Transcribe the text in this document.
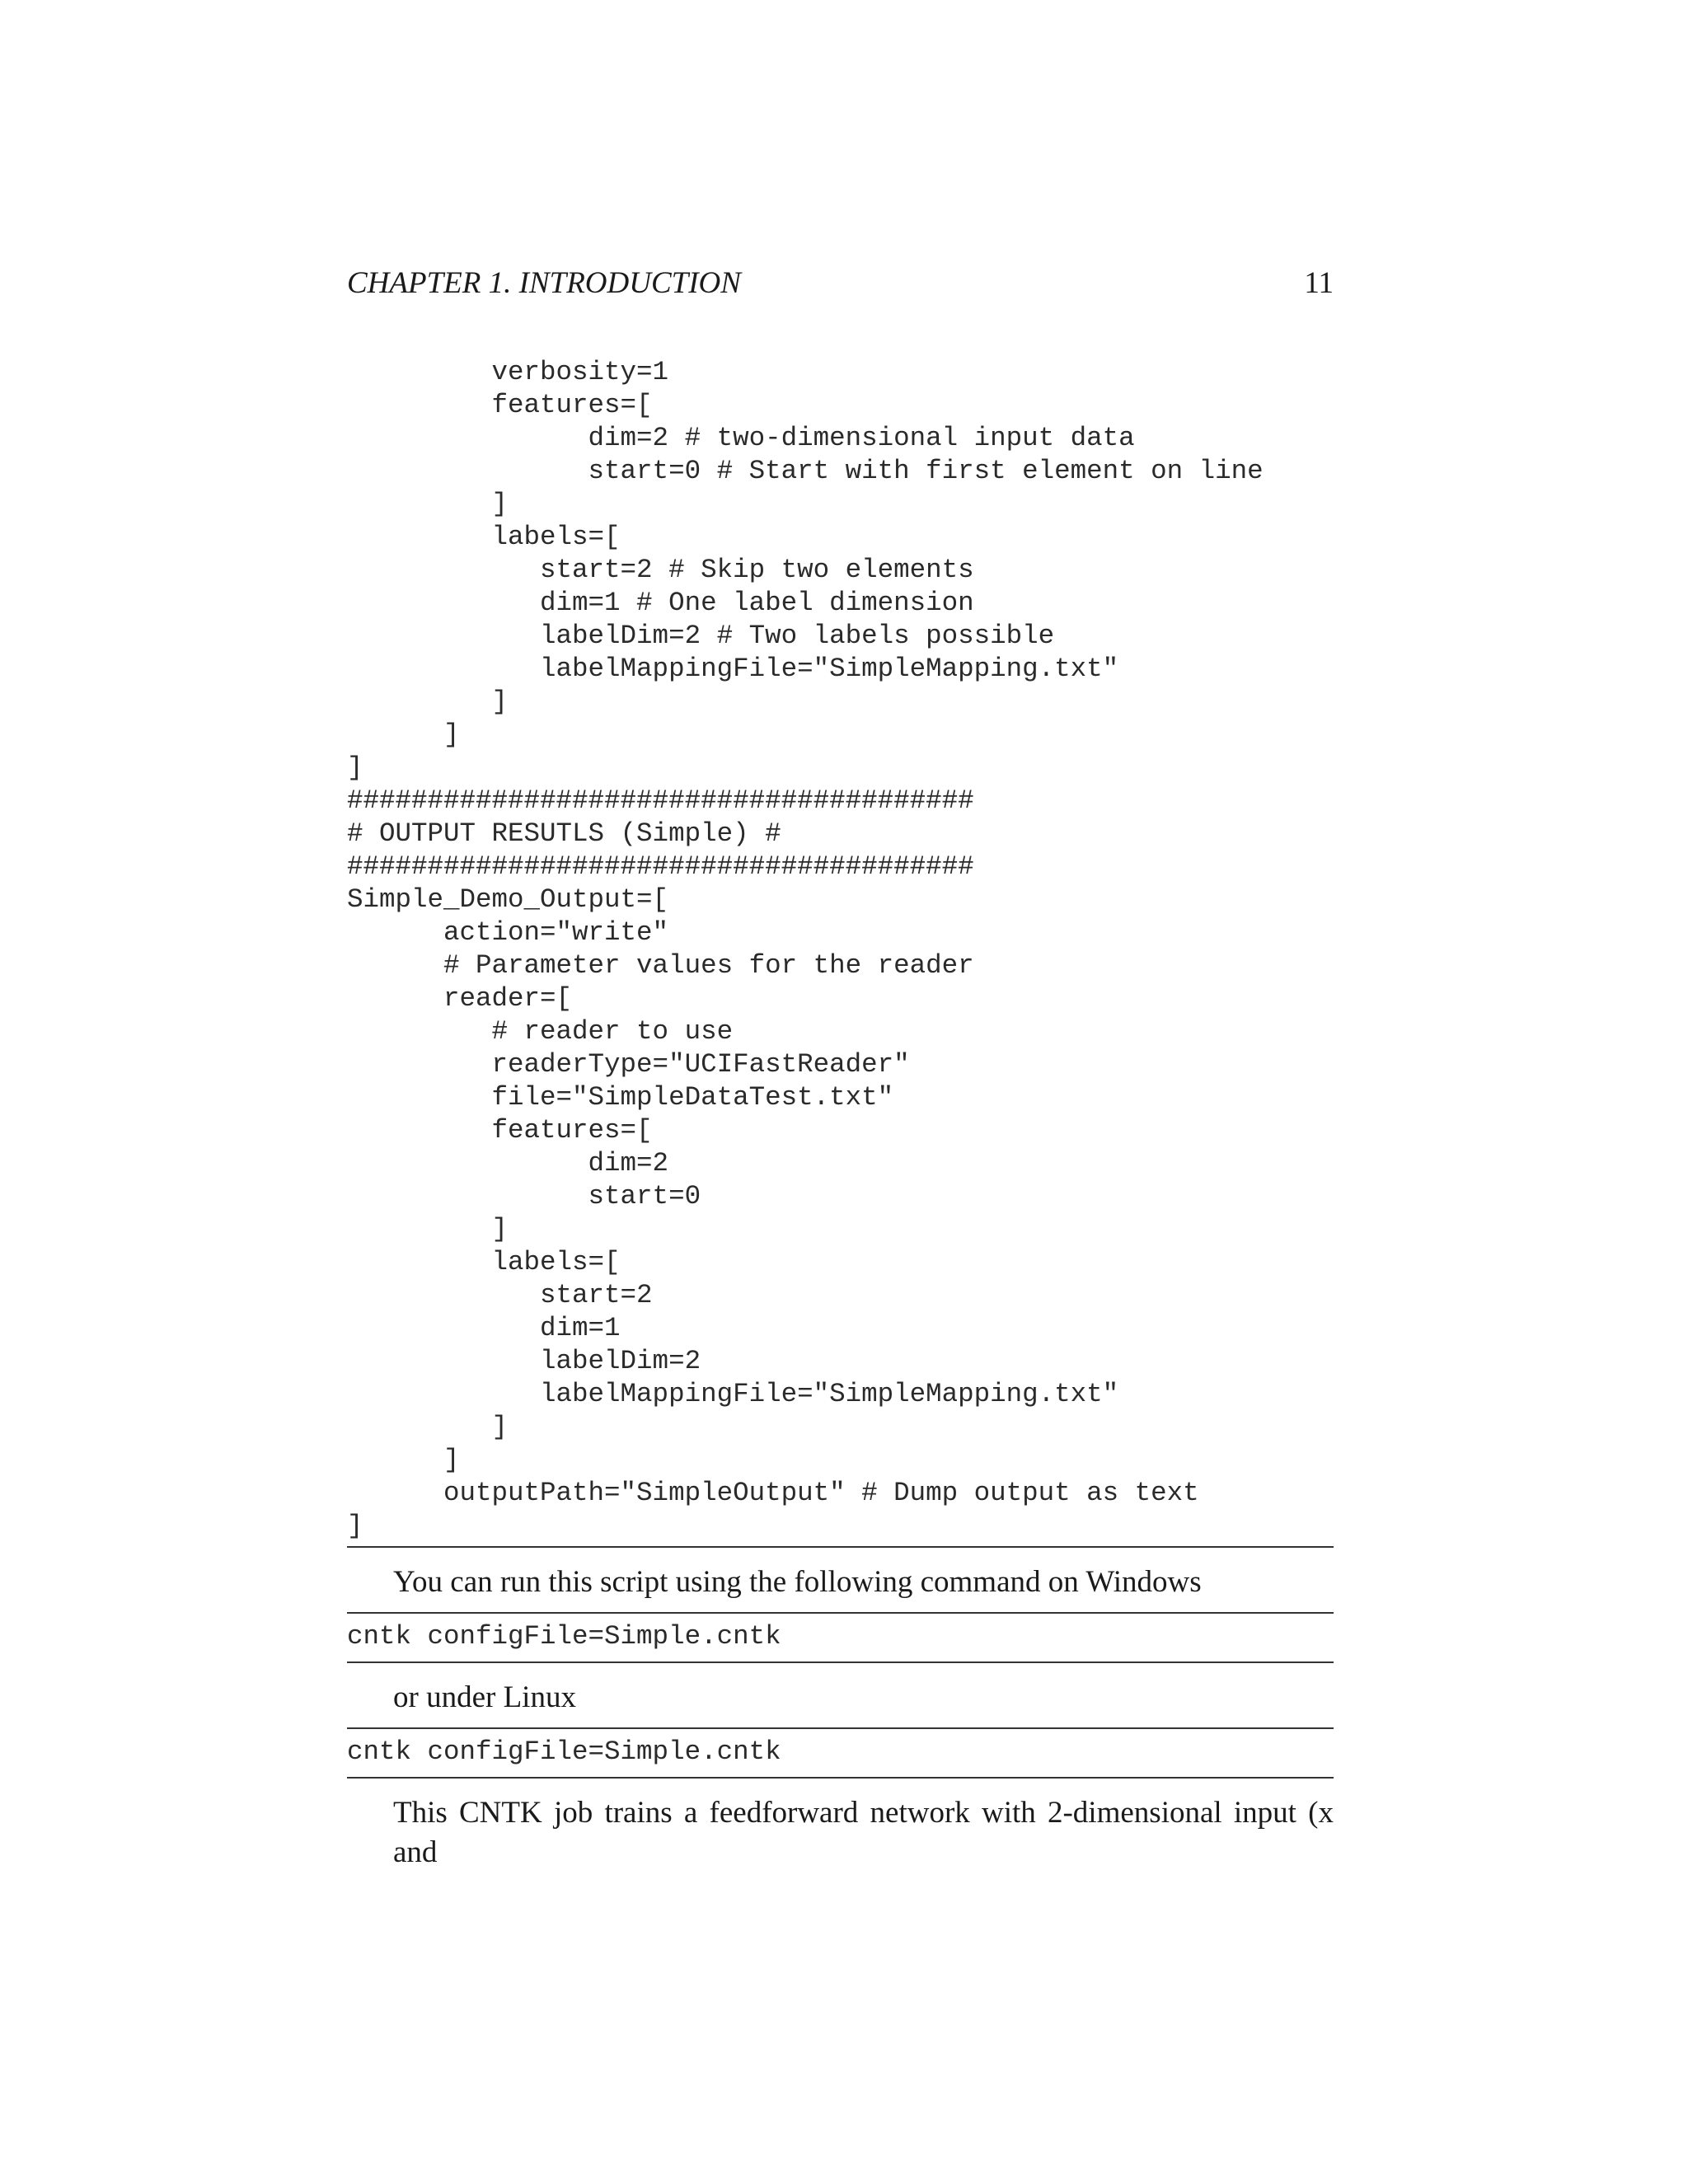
CHAPTER 1. INTRODUCTION	11
verbosity=1
features=[
dim=2 # two-dimensional input data
start=0 # Start with first element on line
]
labels=[
start=2 # Skip two elements
dim=1 # One label dimension
labelDim=2 # Two labels possible
labelMappingFile="SimpleMapping.txt"
]
]
]
#######################################
# OUTPUT RESUTLS (Simple) #
#######################################
Simple_Demo_Output=[
action="write"
# Parameter values for the reader
reader=[
# reader to use
readerType="UCIFastReader"
file="SimpleDataTest.txt"
features=[
dim=2
start=0
]
labels=[
start=2
dim=1
labelDim=2
labelMappingFile="SimpleMapping.txt"
]
]
outputPath="SimpleOutput" # Dump output as text
]
You can run this script using the following command on Windows
cntk configFile=Simple.cntk
or under Linux
cntk configFile=Simple.cntk
This CNTK job trains a feedforward network with 2-dimensional input (x and
